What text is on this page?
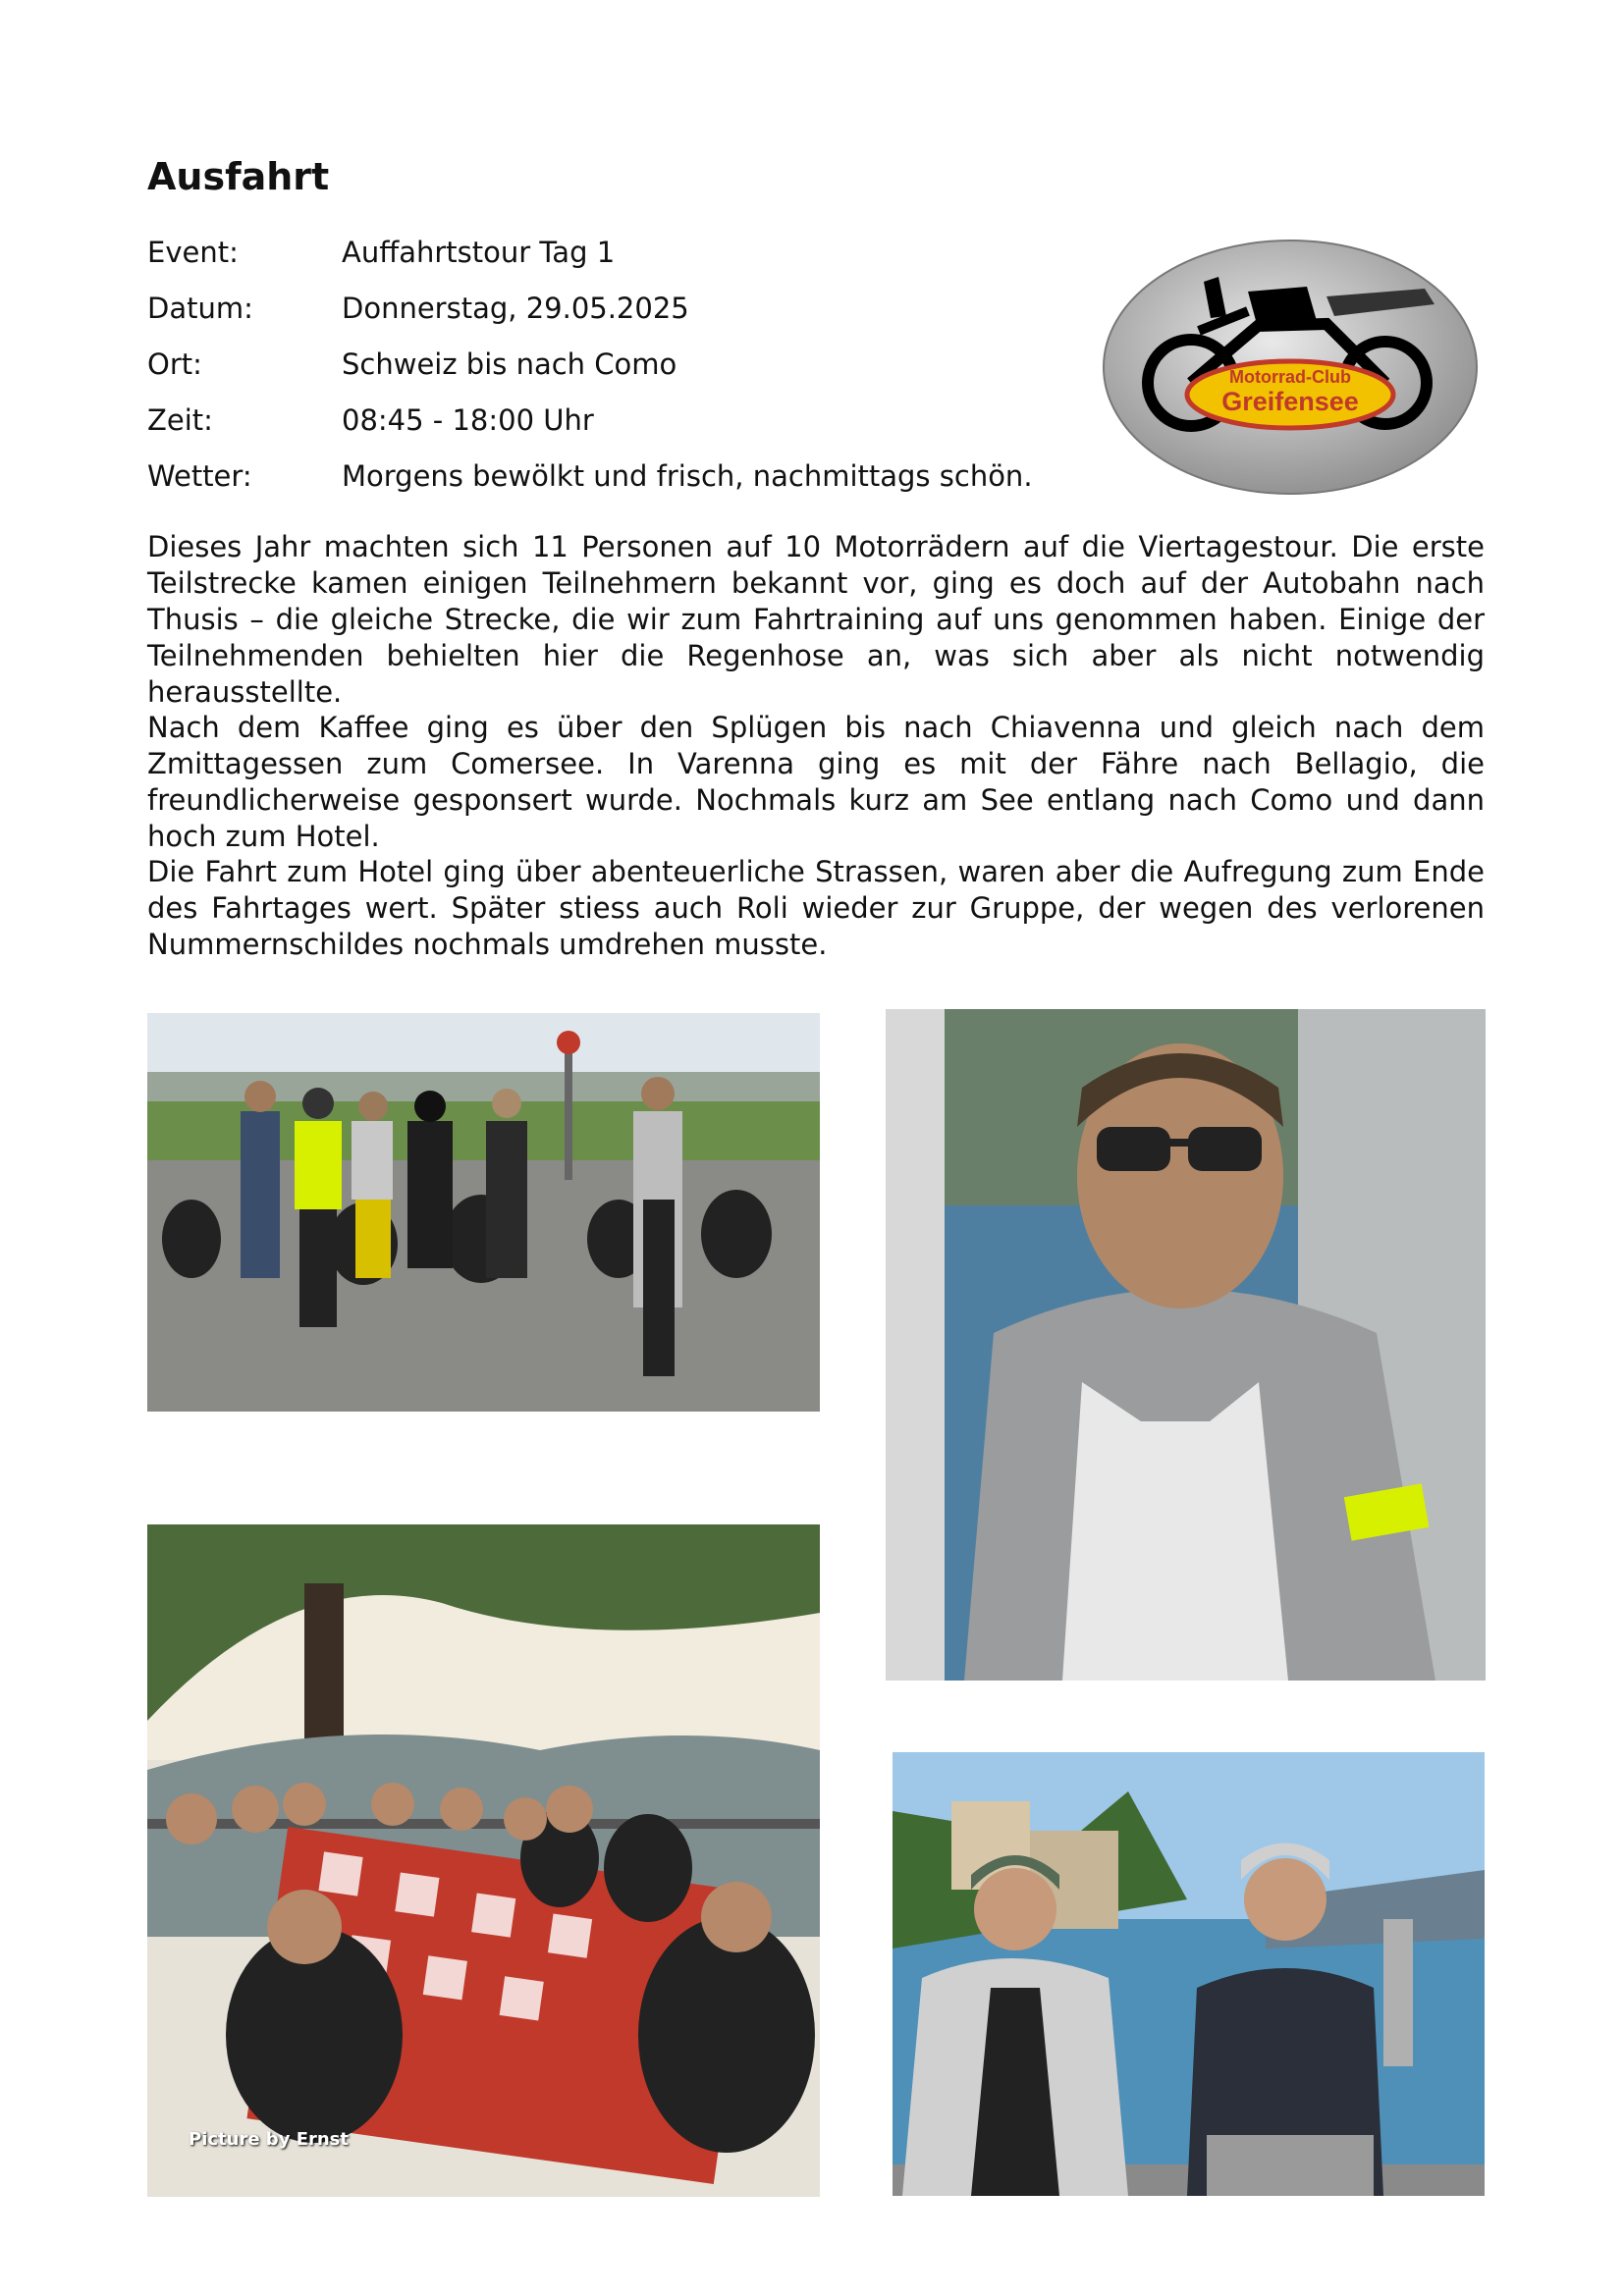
Ausfahrt
Event:	Auffahrtstour Tag 1
Datum:	Donnerstag, 29.05.2025
Ort:	Schweiz bis nach Como
Zeit:	08:45 - 18:00 Uhr
Wetter:	Morgens bewölkt und frisch, nachmittags schön.
Motorrad-Club
Greifensee

Dieses Jahr machten sich 11 Personen auf 10 Motorrädern auf die Viertagestour. Die erste Teilstrecke kamen einigen Teilnehmern bekannt vor, ging es doch auf der Autobahn nach Thusis – die gleiche Strecke, die wir zum Fahrtraining auf uns genommen haben. Einige der Teilnehmenden behielten hier die Regenhose an, was sich aber als nicht notwendig herausstellte.

Nach dem Kaffee ging es über den Splügen bis nach Chiavenna und gleich nach dem Zmittagessen zum Comersee. In Varenna ging es mit der Fähre nach Bellagio, die freundlicherweise gesponsert wurde. Nochmals kurz am See entlang nach Como und dann hoch zum Hotel.

Die Fahrt zum Hotel ging über abenteuerliche Strassen, waren aber die Aufregung zum Ende des Fahrtages wert. Später stiess auch Roli wieder zur Gruppe, der wegen des verlorenen Nummernschildes nochmals umdrehen musste.

Picture by Ernst
